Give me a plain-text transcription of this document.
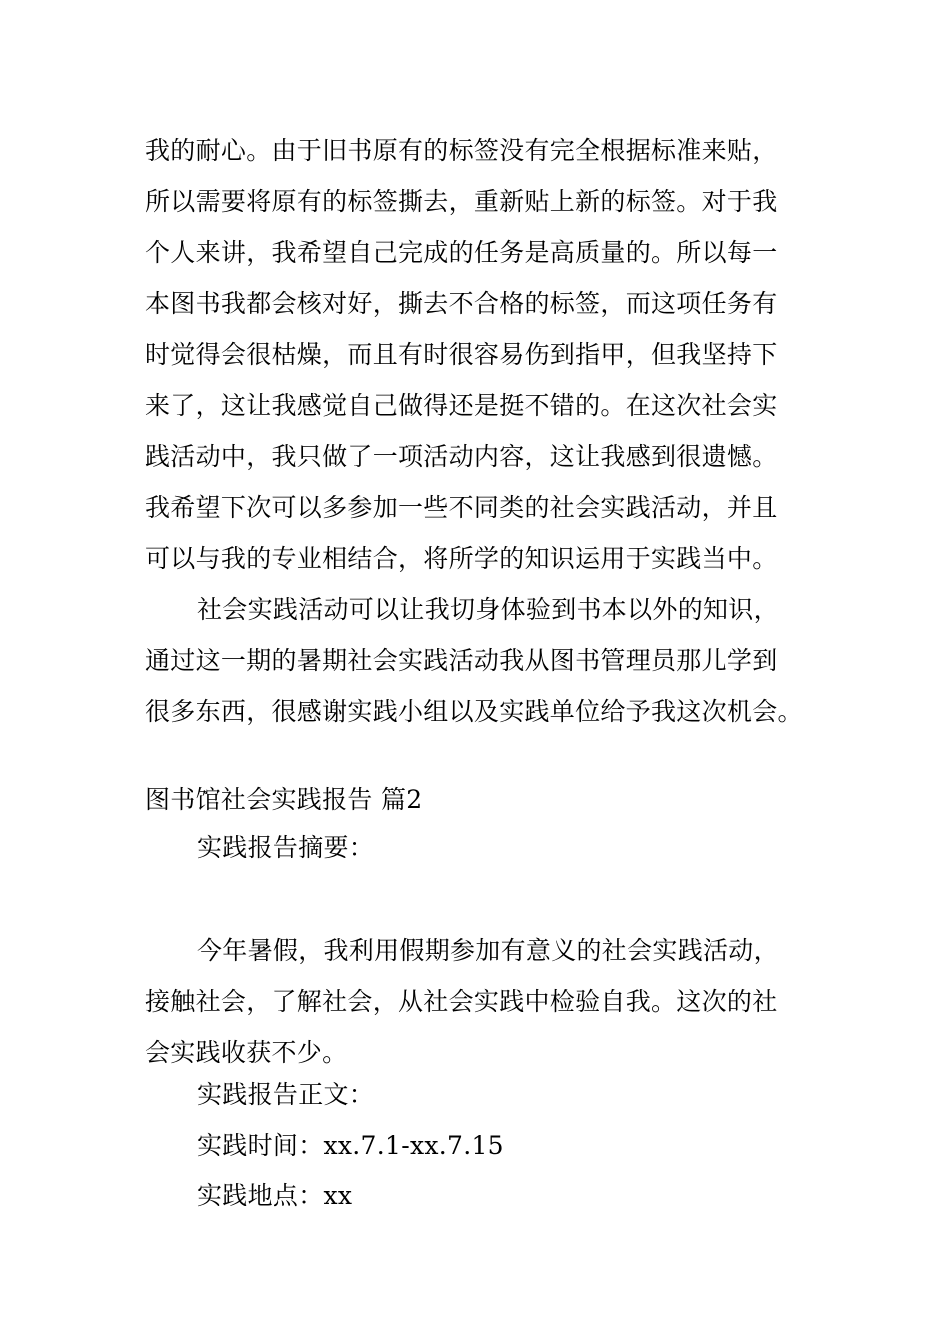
我的耐心。由于旧书原有的标签没有完全根据标准来贴，
所以需要将原有的标签撕去，重新贴上新的标签。对于我
个人来讲，我希望自己完成的任务是高质量的。所以每一
本图书我都会核对好，撕去不合格的标签，而这项任务有
时觉得会很枯燥，而且有时很容易伤到指甲，但我坚持下
来了，这让我感觉自己做得还是挺不错的。在这次社会实
践活动中，我只做了一项活动内容，这让我感到很遗憾。
我希望下次可以多参加一些不同类的社会实践活动，并且
可以与我的专业相结合，将所学的知识运用于实践当中。
社会实践活动可以让我切身体验到书本以外的知识，
通过这一期的暑期社会实践活动我从图书管理员那儿学到
很多东西，很感谢实践小组以及实践单位给予我这次机会。
图书馆社会实践报告 篇2
实践报告摘要：
今年暑假，我利用假期参加有意义的社会实践活动，
接触社会，了解社会，从社会实践中检验自我。这次的社
会实践收获不少。
实践报告正文：
实践时间：xx.7.1-xx.7.15
实践地点：xx
